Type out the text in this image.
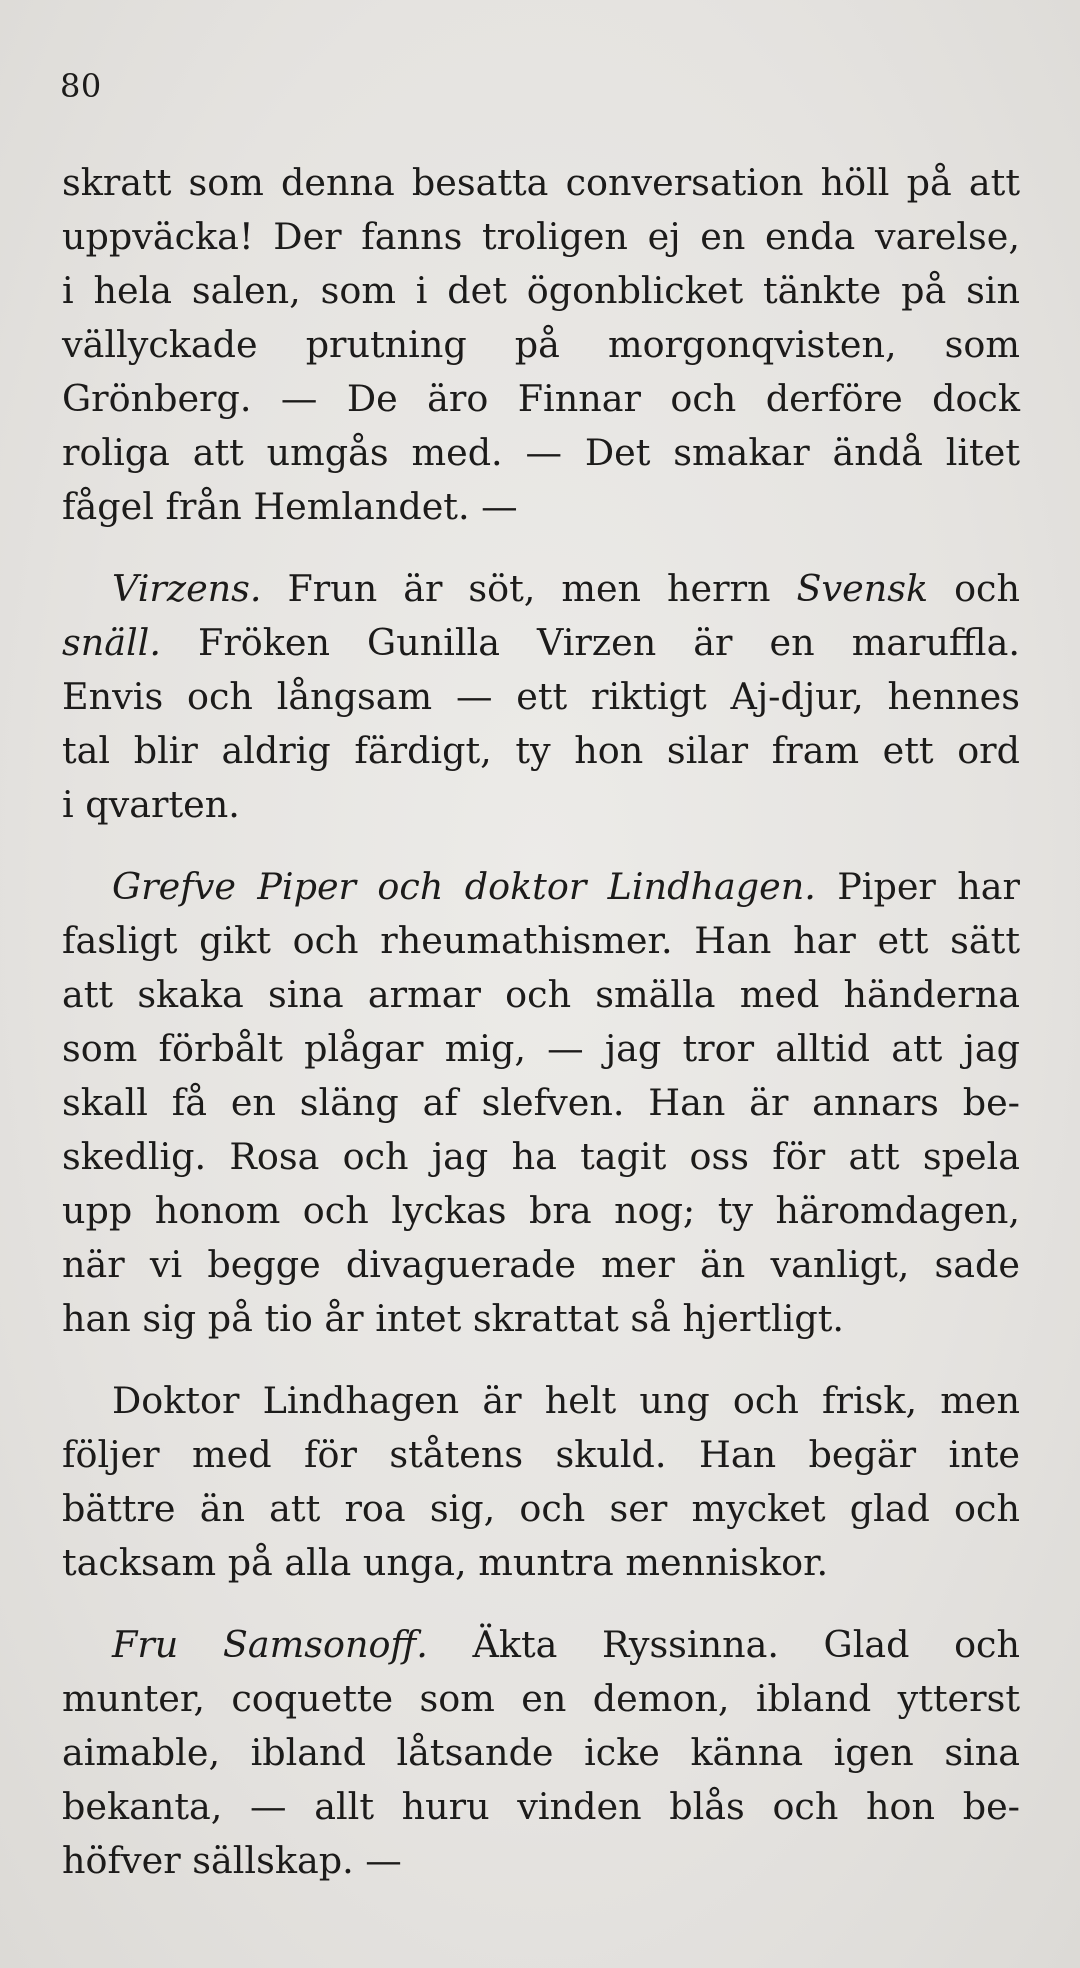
80
skratt som denna besatta conversation höll på att
uppväcka! Der fanns troligen ej en enda varelse,
i hela salen, som i det ögonblicket tänkte på sin
vällyckade prutning på morgonqvisten, som
Grönberg. — De äro Finnar och derföre dock
roliga att umgås med. — Det smakar ändå litet
fågel från Hemlandet. —
Virzens. Frun är söt, men herrn Svensk och
snäll. Fröken Gunilla Virzen är en maruffla.
Envis och långsam — ett riktigt Aj-djur, hennes
tal blir aldrig färdigt, ty hon silar fram ett ord
i qvarten.
Grefve Piper och doktor Lindhagen. Piper har
fasligt gikt och rheumathismer. Han har ett sätt
att skaka sina armar och smälla med händerna
som förbålt plågar mig, — jag tror alltid att jag
skall få en släng af slefven. Han är annars be-
skedlig. Rosa och jag ha tagit oss för att spela
upp honom och lyckas bra nog; ty häromdagen,
när vi begge divaguerade mer än vanligt, sade
han sig på tio år intet skrattat så hjertligt.
Doktor Lindhagen är helt ung och frisk, men
följer med för ståtens skuld. Han begär inte
bättre än att roa sig, och ser mycket glad och
tacksam på alla unga, muntra menniskor.
Fru Samsonoff. Äkta Ryssinna. Glad och
munter, coquette som en demon, ibland ytterst
aimable, ibland låtsande icke känna igen sina
bekanta, — allt huru vinden blås och hon be-
höfver sällskap. —
